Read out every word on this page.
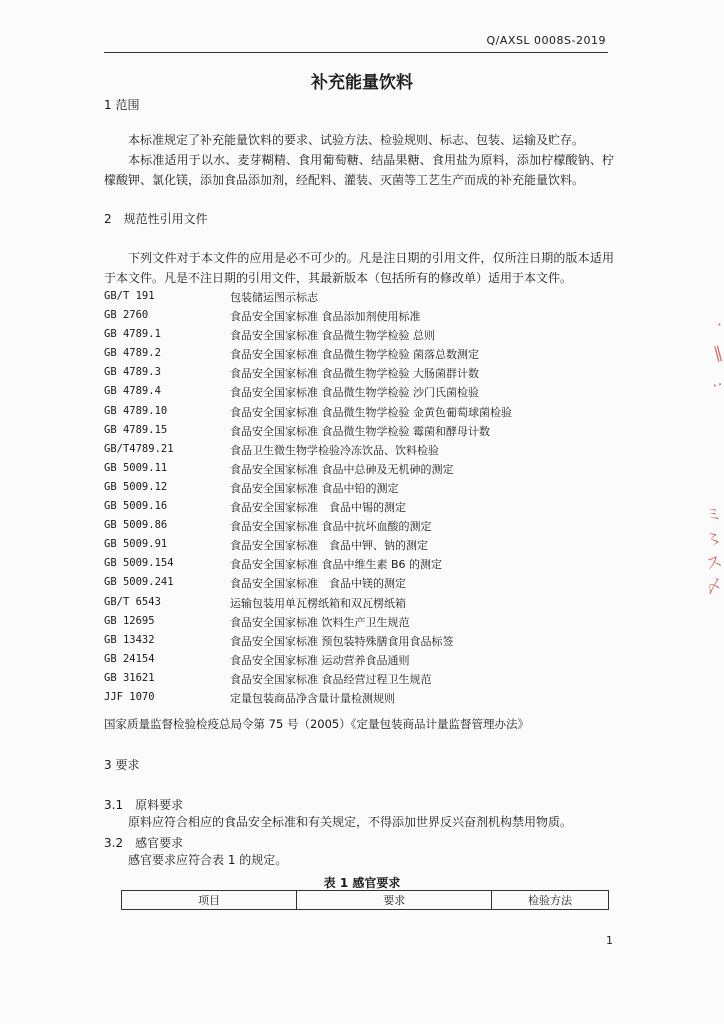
Q/AXSL 0008S-2019
补充能量饮料
1 范围
本标准规定了补充能量饮料的要求、试验方法、检验规则、标志、包装、运输及贮存。
本标准适用于以水、麦芽糊精、食用葡萄糖、结晶果糖、食用盐为原料，添加柠檬酸钠、柠檬酸钾、氯化镁，添加食品添加剂，经配料、灌装、灭菌等工艺生产而成的补充能量饮料。
2　规范性引用文件
下列文件对于本文件的应用是必不可少的。凡是注日期的引用文件，仅所注日期的版本适用于本文件。凡是不注日期的引用文件，其最新版本（包括所有的修改单）适用于本文件。
GB/T 191	包装储运图示标志
GB 2760	食品安全国家标准 食品添加剂使用标准
GB 4789.1	食品安全国家标准 食品微生物学检验 总则
GB 4789.2	食品安全国家标准 食品微生物学检验 菌落总数测定
GB 4789.3	食品安全国家标准 食品微生物学检验 大肠菌群计数
GB 4789.4	食品安全国家标准 食品微生物学检验 沙门氏菌检验
GB 4789.10	食品安全国家标准 食品微生物学检验 金黄色葡萄球菌检验
GB 4789.15	食品安全国家标准 食品微生物学检验 霉菌和酵母计数
GB/T4789.21	食品卫生微生物学检验冷冻饮品、饮料检验
GB 5009.11	食品安全国家标准 食品中总砷及无机砷的测定
GB 5009.12	食品安全国家标准 食品中铅的测定
GB 5009.16	食品安全国家标准　食品中锡的测定
GB 5009.86	食品安全国家标准 食品中抗坏血酸的测定
GB 5009.91	食品安全国家标准　食品中钾、钠的测定
GB 5009.154	食品安全国家标准 食品中维生素 B6 的测定
GB 5009.241	食品安全国家标准　食品中镁的测定
GB/T 6543	运输包装用单瓦楞纸箱和双瓦楞纸箱
GB 12695	食品安全国家标准 饮料生产卫生规范
GB 13432	食品安全国家标准 预包装特殊膳食用食品标签
GB 24154	食品安全国家标准 运动营养食品通则
GB 31621	食品安全国家标准 食品经营过程卫生规范
JJF 1070	定量包装商品净含量计量检测规则
国家质量监督检验检疫总局令第 75 号（2005）《定量包装商品计量监督管理办法》
3 要求
3.1　原料要求
原料应符合相应的食品安全标准和有关规定，不得添加世界反兴奋剂机构禁用物质。
3.2　感官要求
感官要求应符合表 1 的规定。
表 1 感官要求
项目	要求	检验方法
1
·
‖
‥
ミ
〻
ス
〆
